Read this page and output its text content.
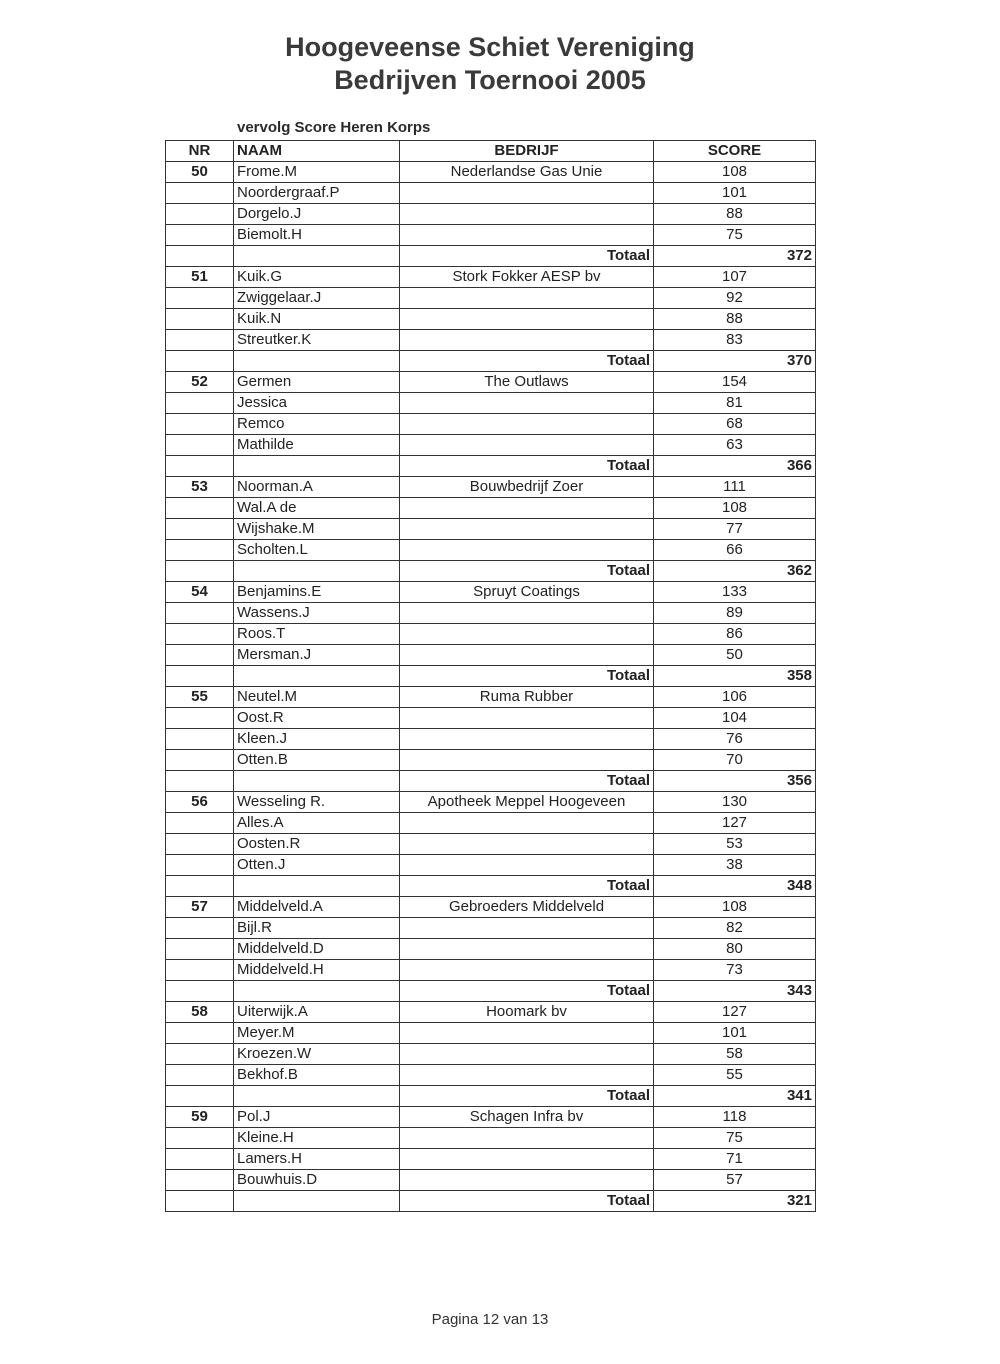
Hoogeveense Schiet Vereniging
Bedrijven Toernooi 2005
vervolg Score Heren Korps
NR	NAAM	BEDRIJF	SCORE
50	Frome.M	Nederlandse Gas Unie	108
	Noordergraaf.P		101
	Dorgelo.J		88
	Biemolt.H		75
		Totaal	372
51	Kuik.G	Stork Fokker AESP bv	107
	Zwiggelaar.J		92
	Kuik.N		88
	Streutker.K		83
		Totaal	370
52	Germen	The Outlaws	154
	Jessica		81
	Remco		68
	Mathilde		63
		Totaal	366
53	Noorman.A	Bouwbedrijf Zoer	111
	Wal.A de		108
	Wijshake.M		77
	Scholten.L		66
		Totaal	362
54	Benjamins.E	Spruyt Coatings	133
	Wassens.J		89
	Roos.T		86
	Mersman.J		50
		Totaal	358
55	Neutel.M	Ruma Rubber	106
	Oost.R		104
	Kleen.J		76
	Otten.B		70
		Totaal	356
56	Wesseling R.	Apotheek Meppel Hoogeveen	130
	Alles.A		127
	Oosten.R		53
	Otten.J		38
		Totaal	348
57	Middelveld.A	Gebroeders Middelveld	108
	Bijl.R		82
	Middelveld.D		80
	Middelveld.H		73
		Totaal	343
58	Uiterwijk.A	Hoomark bv	127
	Meyer.M		101
	Kroezen.W		58
	Bekhof.B		55
		Totaal	341
59	Pol.J	Schagen Infra bv	118
	Kleine.H		75
	Lamers.H		71
	Bouwhuis.D		57
		Totaal	321
Pagina 12 van 13
